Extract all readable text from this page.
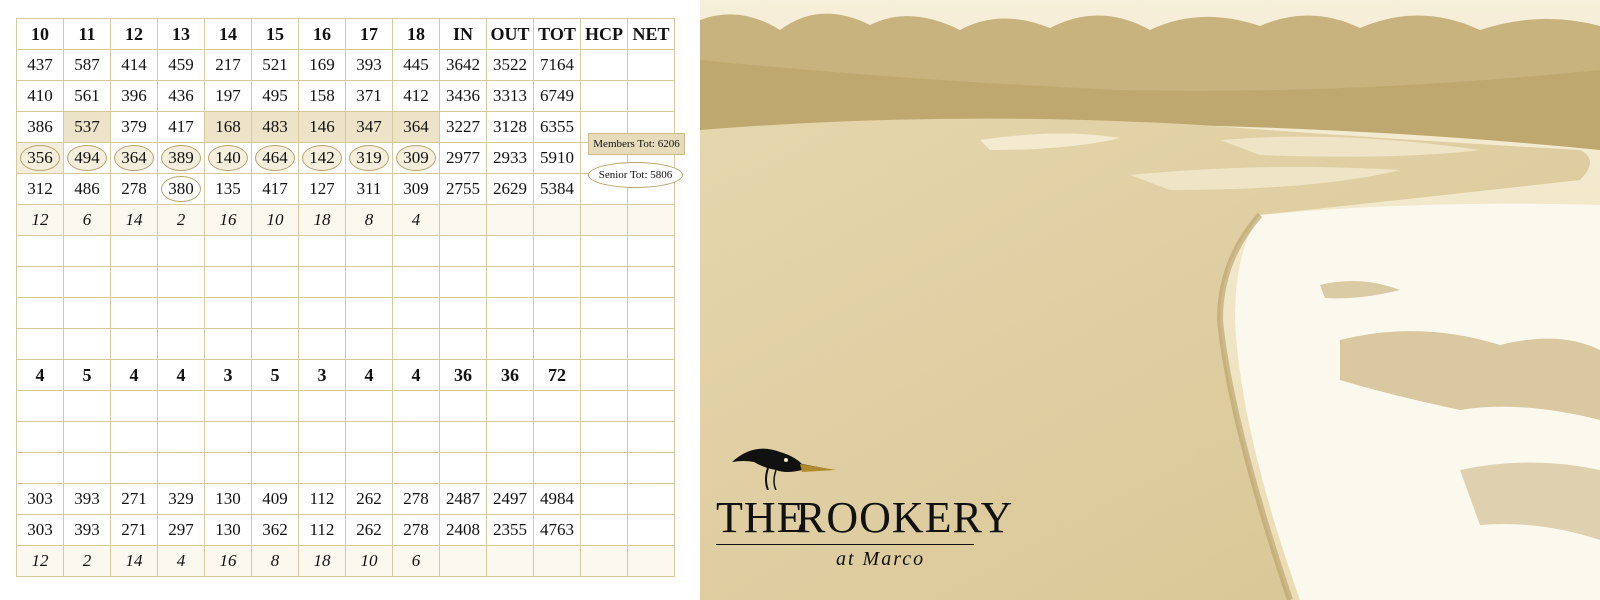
10	11	12	13	14	15	16	17	18	IN	OUT	TOT	HCP	NET
437	587	414	459	217	521	169	393	445	3642	3522	7164		
410	561	396	436	197	495	158	371	412	3436	3313	6749		
386	537	379	417	168	483	146	347	364	3227	3128	6355		
356	494	364	389	140	464	142	319	309	2977	2933	5910		
312	486	278	380	135	417	127	311	309	2755	2629	5384		
12	6	14	2	16	10	18	8	4					

4	5	4	4	3	5	3	4	4	36	36	72		

303	393	271	329	130	409	112	262	278	2487	2497	4984		
303	393	271	297	130	362	112	262	278	2408	2355	4763		
12	2	14	4	16	8	18	10	6					
Members Tot: 6206
Senior Tot: 5806
THE
ROOKERY
at Marco
